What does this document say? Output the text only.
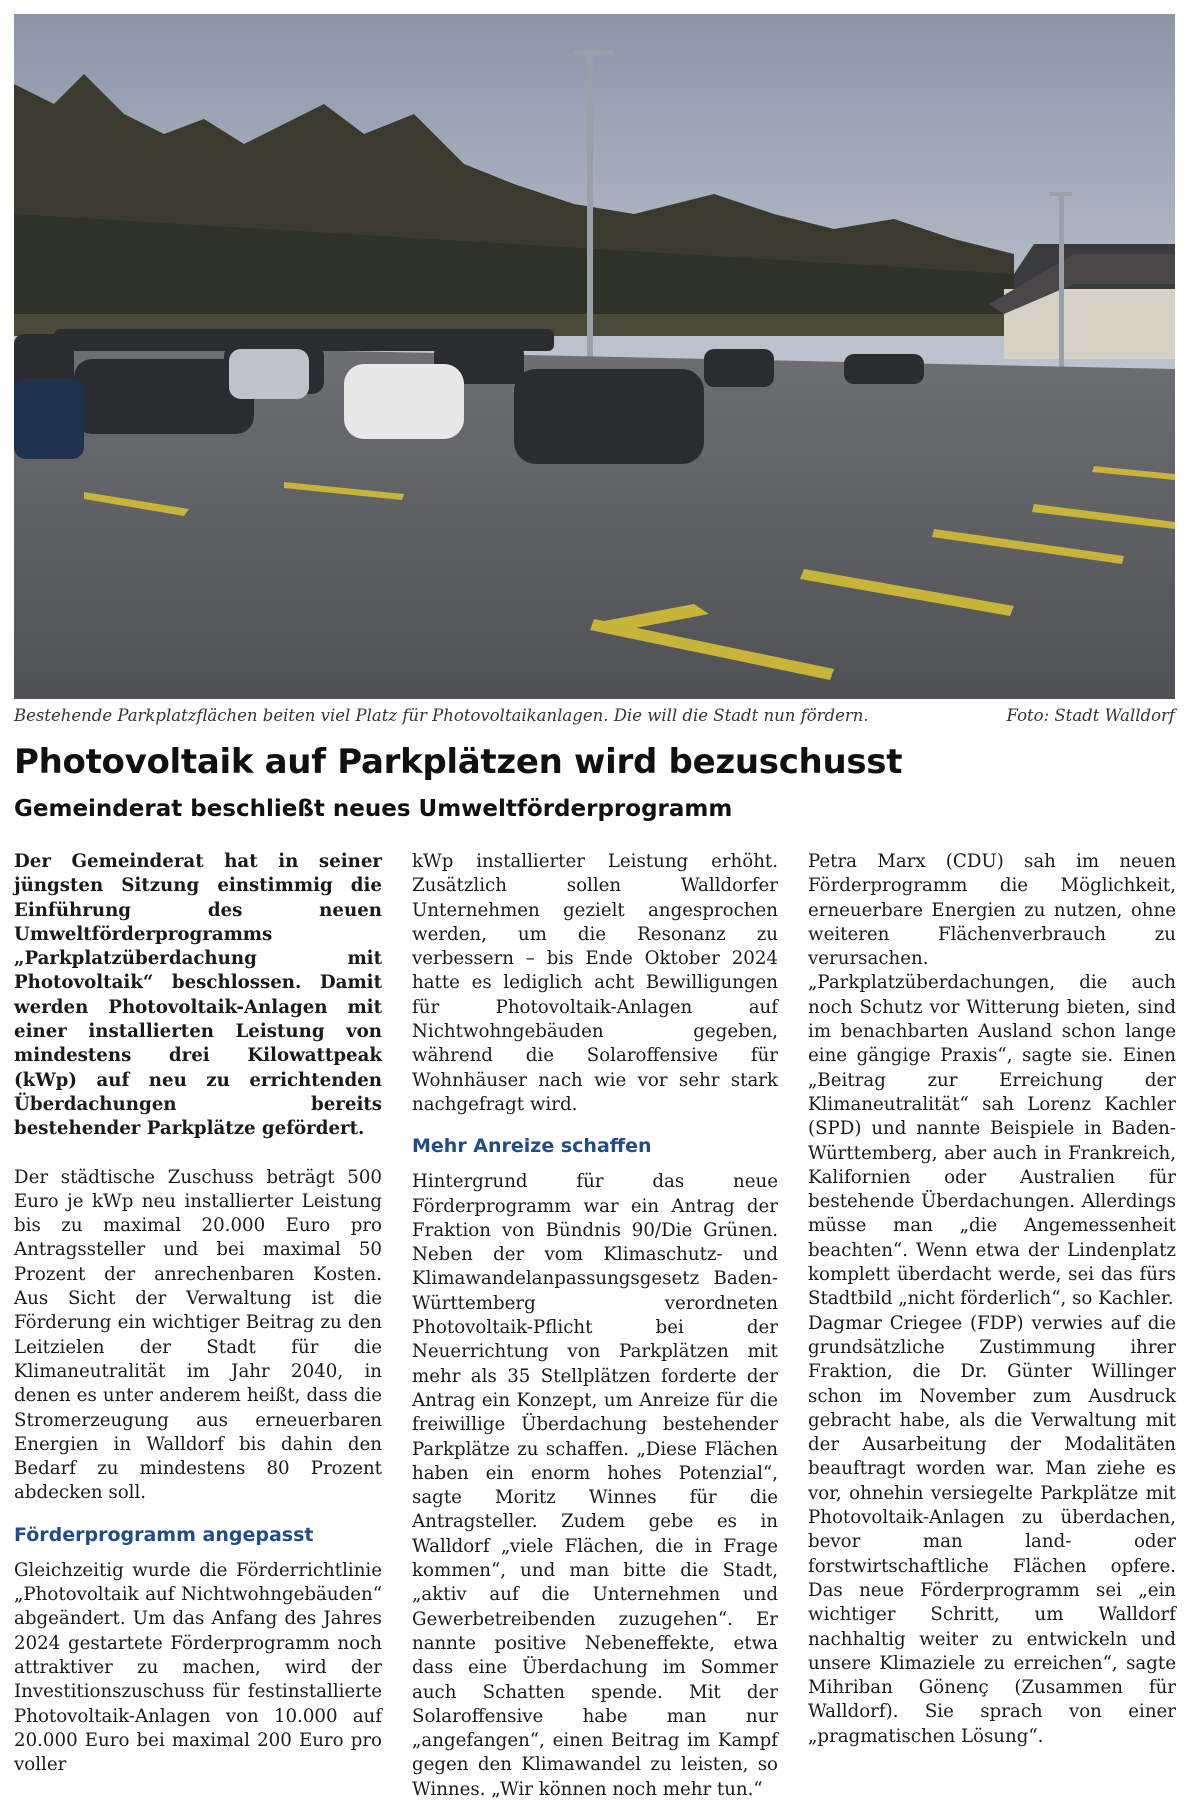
Bestehende Parkplatzflächen beiten viel Platz für Photovoltaikanlagen. Die will die Stadt nun fördern.	Foto: Stadt Walldorf
Photovoltaik auf Parkplätzen wird bezuschusst
Gemeinderat beschließt neues Umweltförderprogramm

Der Gemeinderat hat in seiner jüngsten Sitzung einstimmig die Einführung des neuen Umweltförderprogramms „Parkplatzüberdachung mit Photovoltaik“ beschlossen. Damit werden Photovoltaik-Anlagen mit einer installierten Leistung von mindestens drei Kilowattpeak (kWp) auf neu zu errichtenden Überdachungen bereits bestehender Parkplätze gefördert.

Der städtische Zuschuss beträgt 500 Euro je kWp neu installierter Leistung bis zu maximal 20.000 Euro pro Antragssteller und bei maximal 50 Prozent der anrechenbaren Kosten. Aus Sicht der Verwaltung ist die Förderung ein wichtiger Beitrag zu den Leitzielen der Stadt für die Klimaneutralität im Jahr 2040, in denen es unter anderem heißt, dass die Stromerzeugung aus erneuerbaren Energien in Walldorf bis dahin den Bedarf zu mindestens 80 Prozent abdecken soll.

Förderprogramm angepasst

Gleichzeitig wurde die Förderrichtlinie „Photovoltaik auf Nichtwohngebäuden“ abgeändert. Um das Anfang des Jahres 2024 gestartete Förderprogramm noch attraktiver zu machen, wird der Investitionszuschuss für festinstallierte Photovoltaik-Anlagen von 10.000 auf 20.000 Euro bei maximal 200 Euro pro voller

kWp installierter Leistung erhöht. Zusätzlich sollen Walldorfer Unternehmen gezielt angesprochen werden, um die Resonanz zu verbessern – bis Ende Oktober 2024 hatte es lediglich acht Bewilligungen für Photovoltaik-Anlagen auf Nichtwohngebäuden gegeben, während die Solaroffensive für Wohnhäuser nach wie vor sehr stark nachgefragt wird.

Mehr Anreize schaffen

Hintergrund für das neue Förderprogramm war ein Antrag der Fraktion von Bündnis 90/Die Grünen. Neben der vom Klimaschutz- und Klimawandelanpassungsgesetz Baden-Württemberg verordneten Photovoltaik-Pflicht bei der Neuerrichtung von Parkplätzen mit mehr als 35 Stellplätzen forderte der Antrag ein Konzept, um Anreize für die freiwillige Überdachung bestehender Parkplätze zu schaffen. „Diese Flächen haben ein enorm hohes Potenzial“, sagte Moritz Winnes für die Antragsteller. Zudem gebe es in Walldorf „viele Flächen, die in Frage kommen“, und man bitte die Stadt, „aktiv auf die Unternehmen und Gewerbetreibenden zuzugehen“. Er nannte positive Nebeneffekte, etwa dass eine Überdachung im Sommer auch Schatten spende. Mit der Solaroffensive habe man nur „angefangen“, einen Beitrag im Kampf gegen den Klimawandel zu leisten, so Winnes. „Wir können noch mehr tun.“

Petra Marx (CDU) sah im neuen Förderprogramm die Möglichkeit, erneuerbare Energien zu nutzen, ohne weiteren Flächenverbrauch zu verursachen. „Parkplatzüberdachungen, die auch noch Schutz vor Witterung bieten, sind im benachbarten Ausland schon lange eine gängige Praxis“, sagte sie. Einen „Beitrag zur Erreichung der Klimaneutralität“ sah Lorenz Kachler (SPD) und nannte Beispiele in Baden-Württemberg, aber auch in Frankreich, Kalifornien oder Australien für bestehende Überdachungen. Allerdings müsse man „die Angemessenheit beachten“. Wenn etwa der Lindenplatz komplett überdacht werde, sei das fürs Stadtbild „nicht förderlich“, so Kachler.

Dagmar Criegee (FDP) verwies auf die grundsätzliche Zustimmung ihrer Fraktion, die Dr. Günter Willinger schon im November zum Ausdruck gebracht habe, als die Verwaltung mit der Ausarbeitung der Modalitäten beauftragt worden war. Man ziehe es vor, ohnehin versiegelte Parkplätze mit Photovoltaik-Anlagen zu überdachen, bevor man land- oder forstwirtschaftliche Flächen opfere. Das neue Förderprogramm sei „ein wichtiger Schritt, um Walldorf nachhaltig weiter zu entwickeln und unsere Klimaziele zu erreichen“, sagte Mihriban Gönenç (Zusammen für Walldorf). Sie sprach von einer „pragmatischen Lösung“.
